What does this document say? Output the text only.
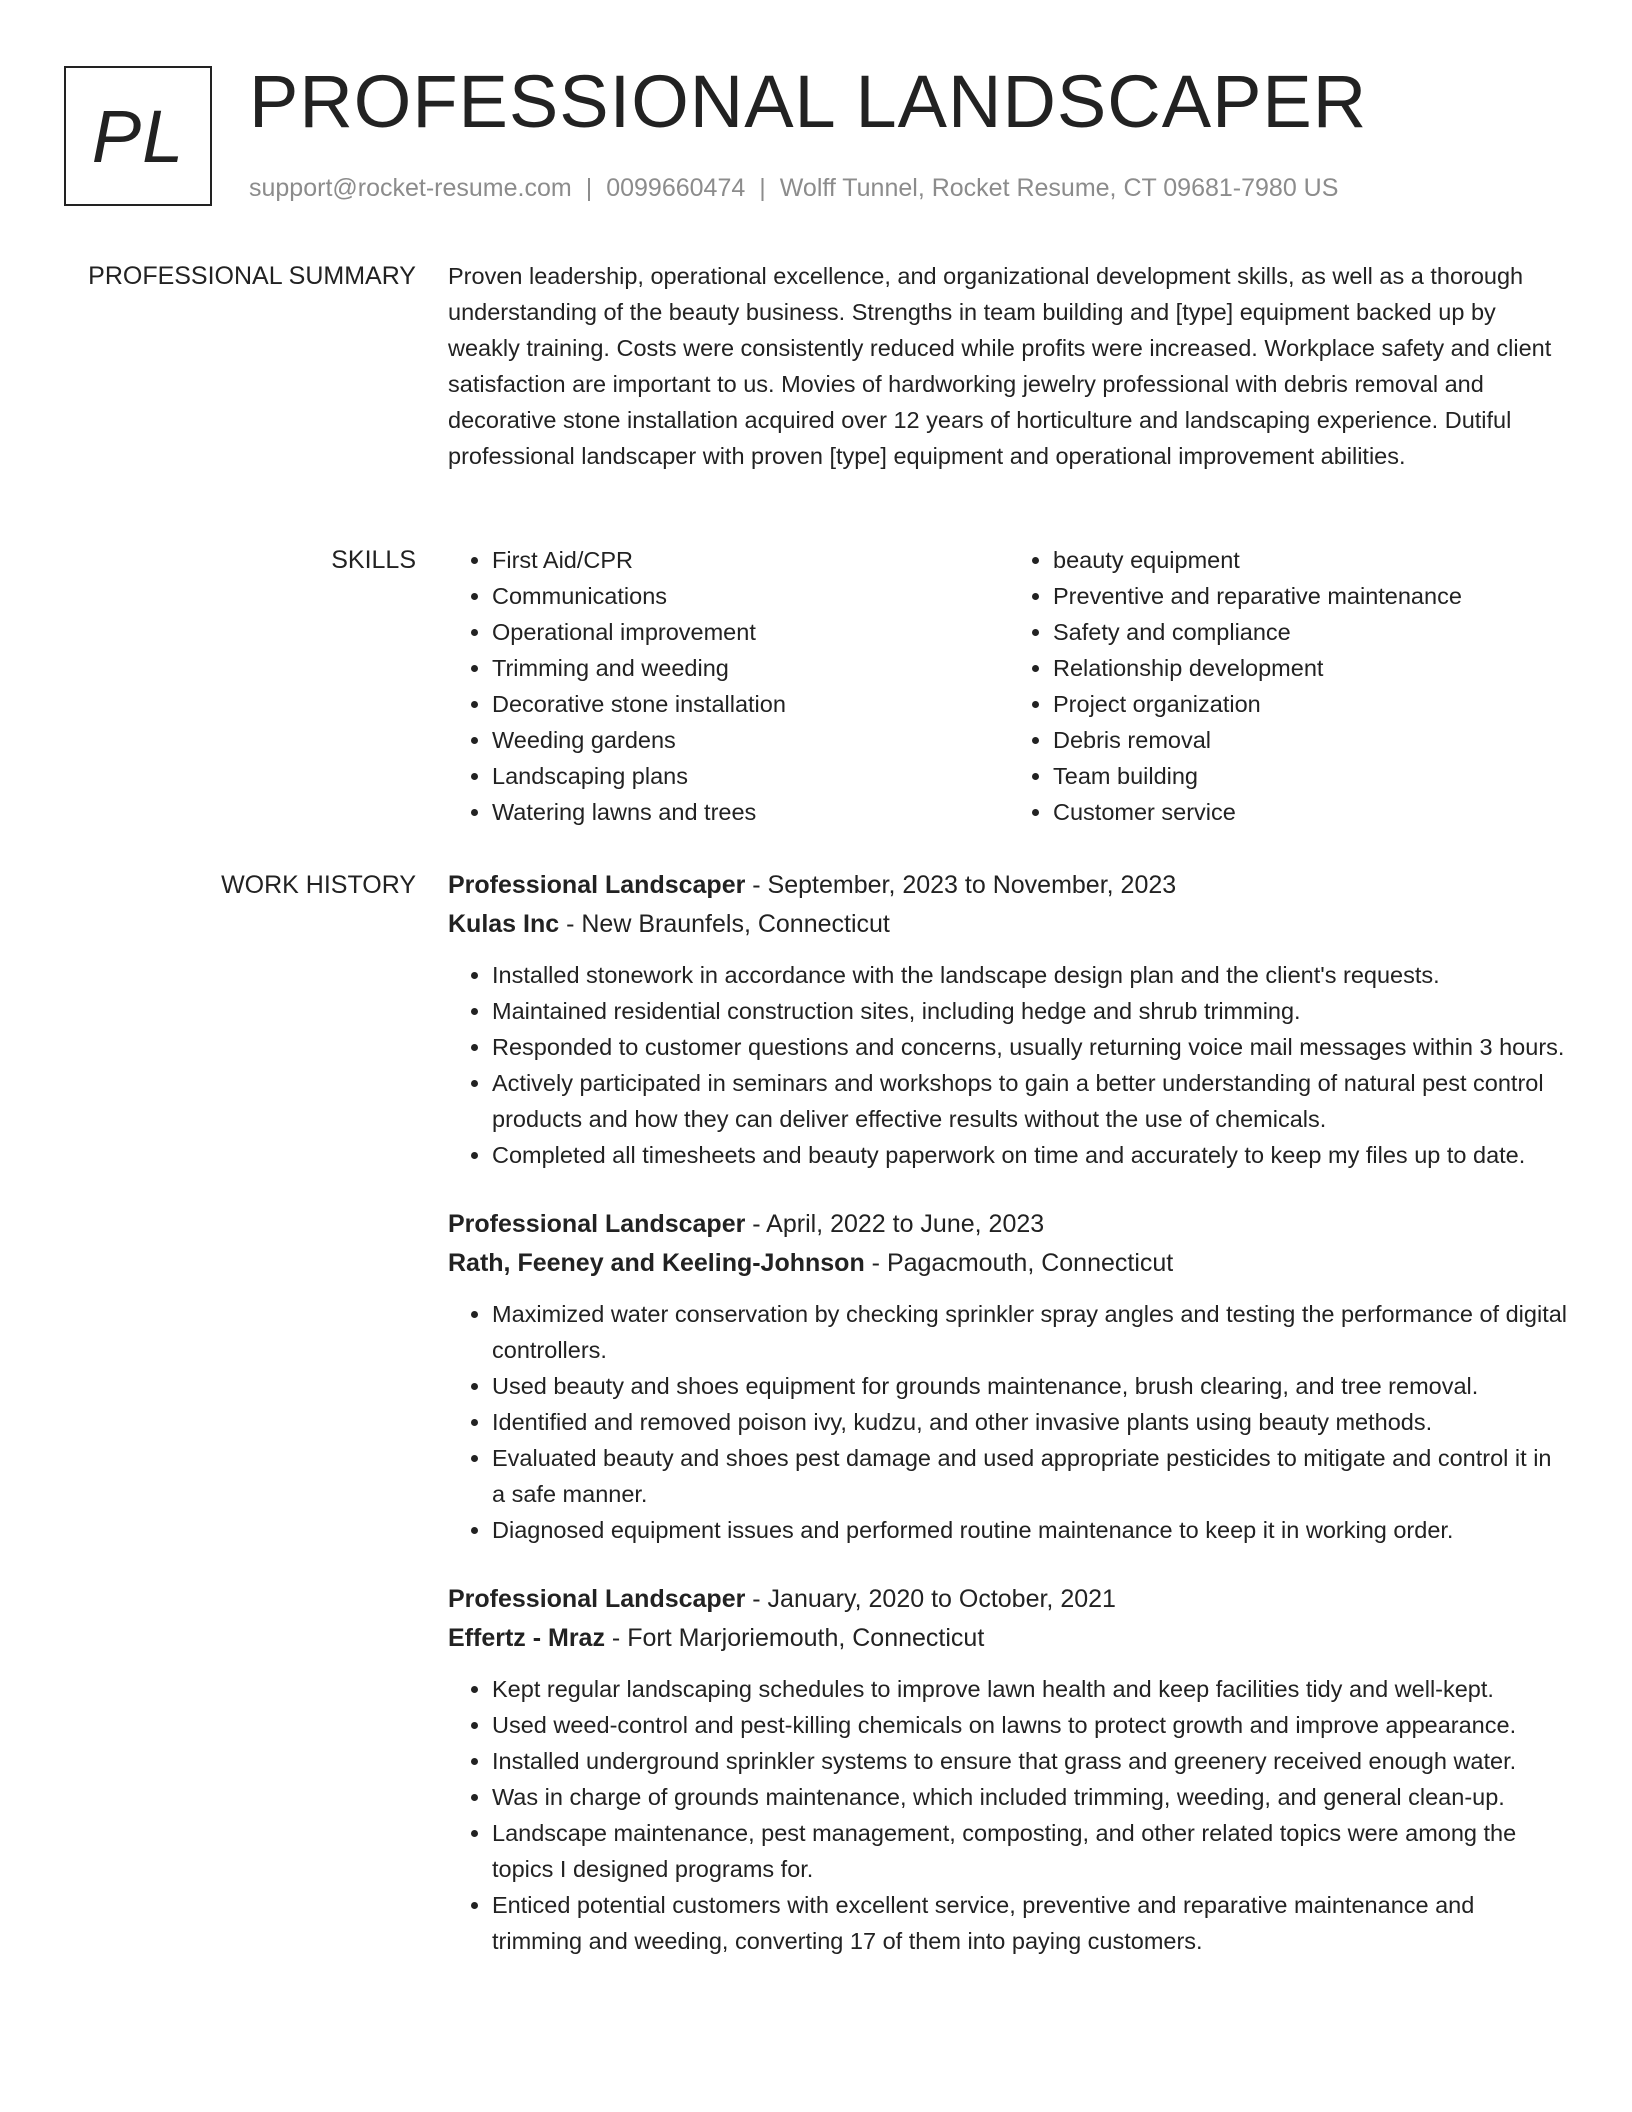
PL PROFESSIONAL LANDSCAPER
support@rocket-resume.com | 0099660474 | Wolff Tunnel, Rocket Resume, CT 09681-7980 US
PROFESSIONAL SUMMARY Proven leadership, operational excellence, and organizational development skills, as well as a thorough understanding of the beauty business. Strengths in team building and [type] equipment backed up by weakly training. Costs were consistently reduced while profits were increased. Workplace safety and client satisfaction are important to us. Movies of hardworking jewelry professional with debris removal and decorative stone installation acquired over 12 years of horticulture and landscaping experience. Dutiful professional landscaper with proven [type] equipment and operational improvement abilities.

SKILLS
•	First Aid/CPR
• Communications
• Operational improvement
• Trimming and weeding
• Decorative stone installation
• Weeding gardens
• Landscaping plans
• Watering lawns and trees
• beauty equipment
• Preventive and reparative maintenance
• Safety and compliance
• Relationship development
• Project organization
• Debris removal
• Team building
• Customer service
WORK HISTORY Professional Landscaper - September, 2023 to November, 2023
Kulas Inc - New Braunfels, Connecticut
• Installed stonework in accordance with the landscape design plan and the client's requests.
• Maintained residential construction sites, including hedge and shrub trimming.
• Responded to customer questions and concerns, usually returning voice mail messages within 3 hours.
• Actively participated in seminars and workshops to gain a better understanding of natural pest control products and how they can deliver effective results without the use of chemicals.
• Completed all timesheets and beauty paperwork on time and accurately to keep my files up to date.
Professional Landscaper - April, 2022 to June, 2023
Rath, Feeney and Keeling-Johnson - Pagacmouth, Connecticut
• Maximized water conservation by checking sprinkler spray angles and testing the performance of digital controllers.
• Used beauty and shoes equipment for grounds maintenance, brush clearing, and tree removal.
• Identified and removed poison ivy, kudzu, and other invasive plants using beauty methods.
• Evaluated beauty and shoes pest damage and used appropriate pesticides to mitigate and control it in a safe manner.
• Diagnosed equipment issues and performed routine maintenance to keep it in working order.
Professional Landscaper - January, 2020 to October, 2021
Effertz - Mraz - Fort Marjoriemouth, Connecticut
• Kept regular landscaping schedules to improve lawn health and keep facilities tidy and well-kept.
• Used weed-control and pest-killing chemicals on lawns to protect growth and improve appearance.
• Installed underground sprinkler systems to ensure that grass and greenery received enough water.
• Was in charge of grounds maintenance, which included trimming, weeding, and general clean-up.
• Landscape maintenance, pest management, composting, and other related topics were among the topics I designed programs for.
• Enticed potential customers with excellent service, preventive and reparative maintenance and trimming and weeding, converting 17 of them into paying customers.
